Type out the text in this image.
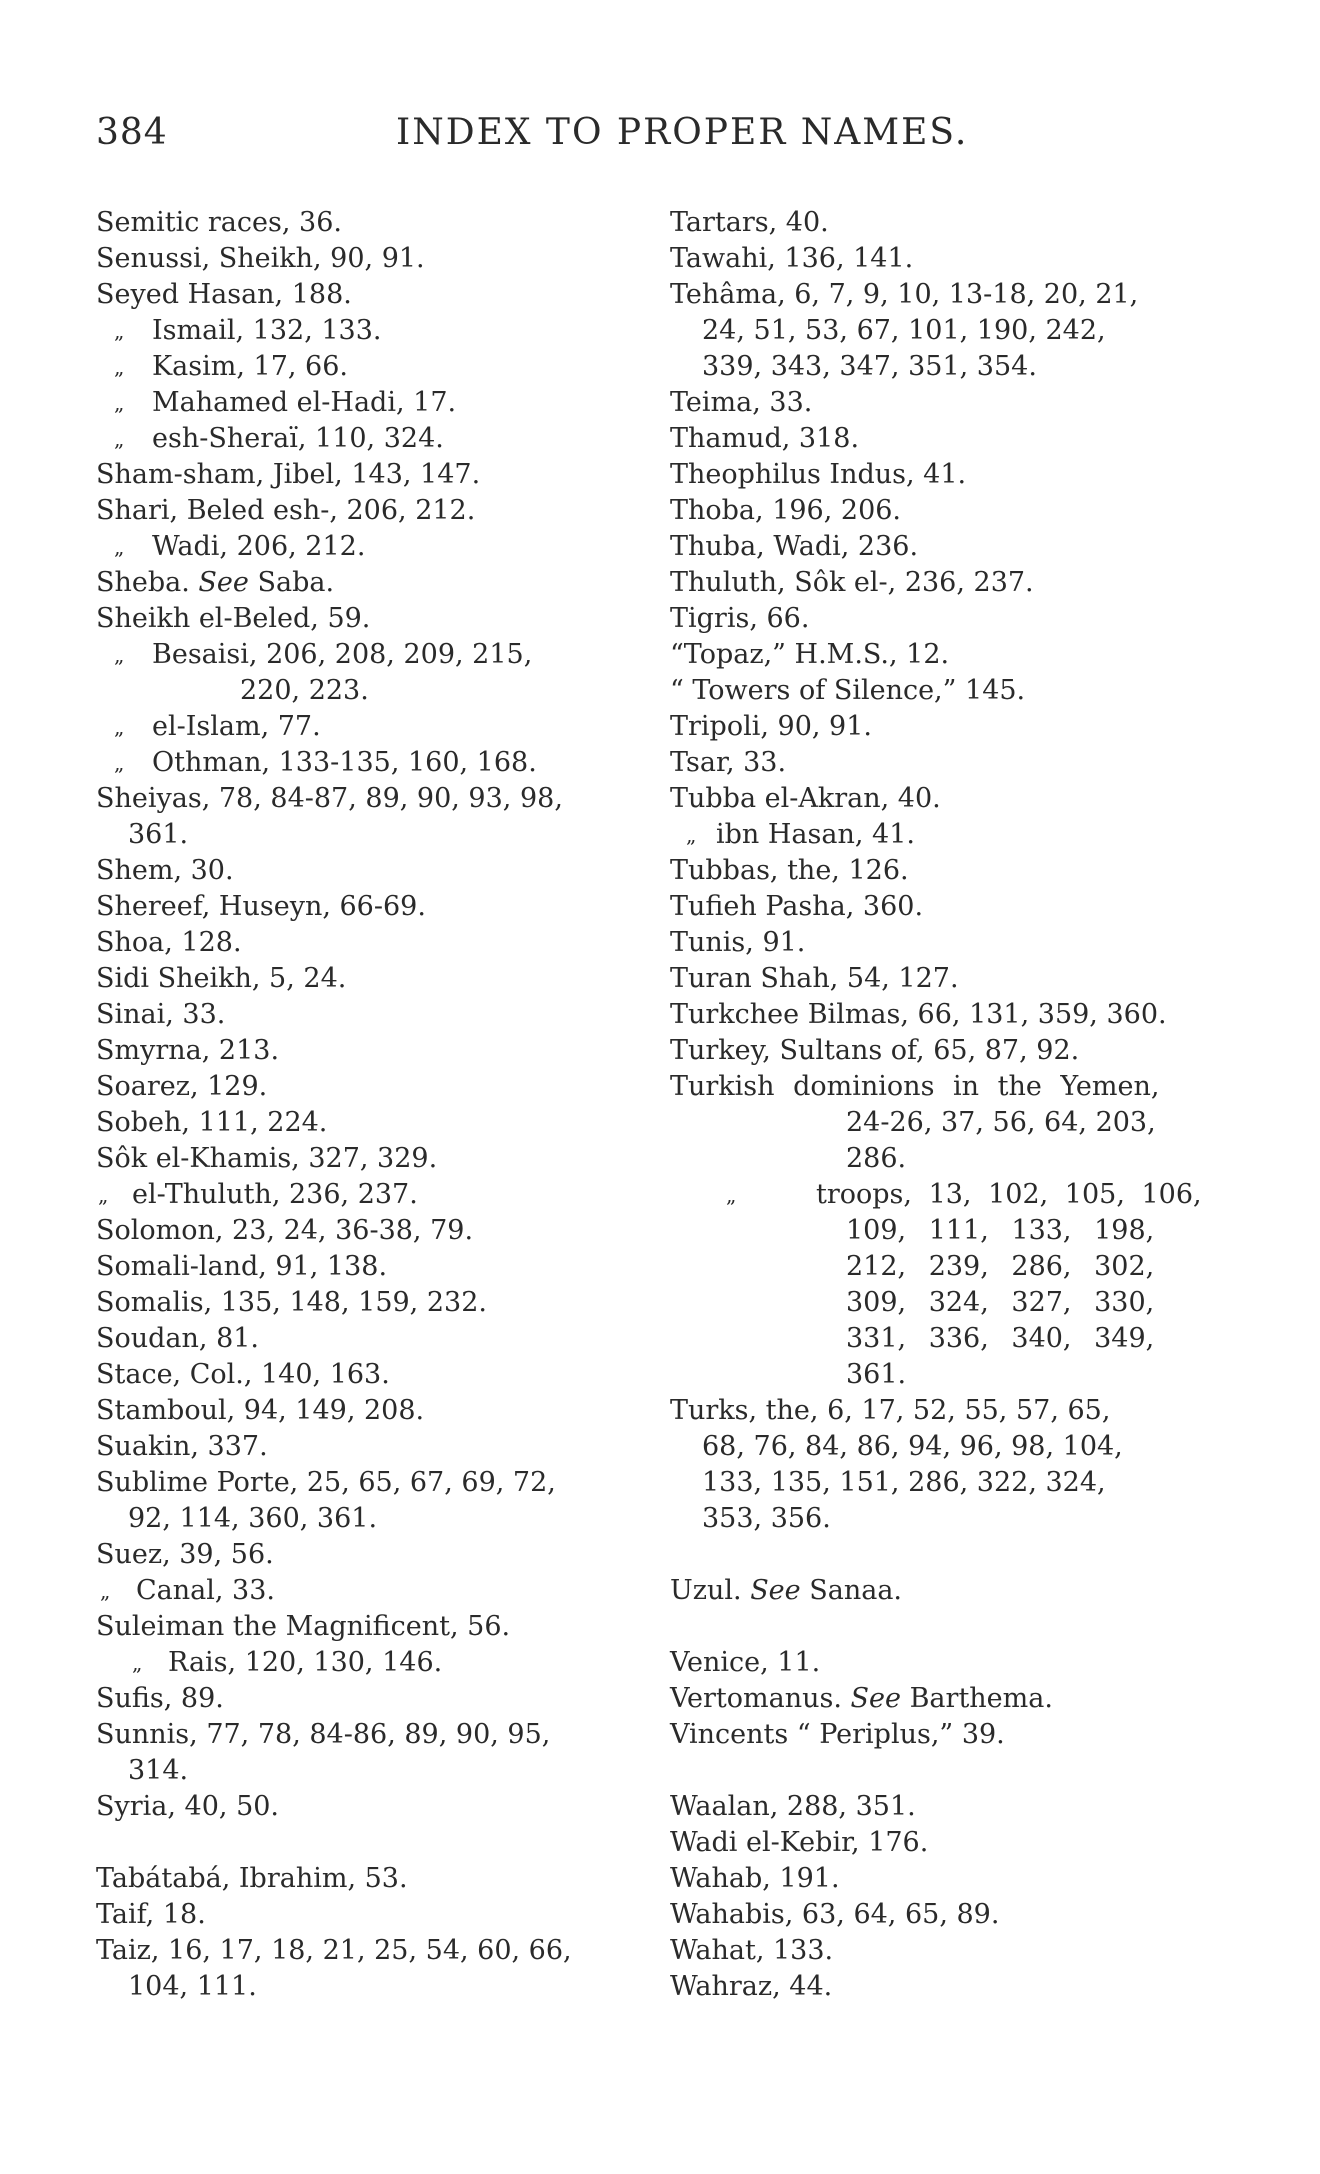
384	INDEX TO PROPER NAMES.
Semitic races, 36.
Senussi, Sheikh, 90, 91.
Seyed Hasan, 188.
„ Ismail, 132, 133.
„ Kasim, 17, 66.
„ Mahamed el-Hadi, 17.
„ esh-Sheraï, 110, 324.
Sham-sham, Jibel, 143, 147.
Shari, Beled esh-, 206, 212.
„ Wadi, 206, 212.
Sheba. See Saba.
Sheikh el-Beled, 59.
„ Besaisi, 206, 208, 209, 215,
220, 223.
„ el-Islam, 77.
„ Othman, 133-135, 160, 168.
Sheiyas, 78, 84-87, 89, 90, 93, 98,
361.
Shem, 30.
Shereef, Huseyn, 66-69.
Shoa, 128.
Sidi Sheikh, 5, 24.
Sinai, 33.
Smyrna, 213.
Soarez, 129.
Sobeh, 111, 224.
Sôk el-Khamis, 327, 329.
„ el-Thuluth, 236, 237.
Solomon, 23, 24, 36-38, 79.
Somali-land, 91, 138.
Somalis, 135, 148, 159, 232.
Soudan, 81.
Stace, Col., 140, 163.
Stamboul, 94, 149, 208.
Suakin, 337.
Sublime Porte, 25, 65, 67, 69, 72,
92, 114, 360, 361.
Suez, 39, 56.
„ Canal, 33.
Suleiman the Magnificent, 56.
„ Rais, 120, 130, 146.
Sufis, 89.
Sunnis, 77, 78, 84-86, 89, 90, 95,
314.
Syria, 40, 50.
Tabátabá, Ibrahim, 53.
Taif, 18.
Taiz, 16, 17, 18, 21, 25, 54, 60, 66,
104, 111.
Tartars, 40.
Tawahi, 136, 141.
Tehâma, 6, 7, 9, 10, 13-18, 20, 21,
24, 51, 53, 67, 101, 190, 242,
339, 343, 347, 351, 354.
Teima, 33.
Thamud, 318.
Theophilus Indus, 41.
Thoba, 196, 206.
Thuba, Wadi, 236.
Thuluth, Sôk el-, 236, 237.
Tigris, 66.
“Topaz,” H.M.S., 12.
“ Towers of Silence,” 145.
Tripoli, 90, 91.
Tsar, 33.
Tubba el-Akran, 40.
„ ibn Hasan, 41.
Tubbas, the, 126.
Tufieh Pasha, 360.
Tunis, 91.
Turan Shah, 54, 127.
Turkchee Bilmas, 66, 131, 359, 360.
Turkey, Sultans of, 65, 87, 92.
Turkish dominions in the Yemen,
24-26, 37, 56, 64, 203,
286.
„	troops, 13, 102, 105, 106,
109, 111, 133, 198,
212, 239, 286, 302,
309, 324, 327, 330,
331, 336, 340, 349,
361.
Turks, the, 6, 17, 52, 55, 57, 65,
68, 76, 84, 86, 94, 96, 98, 104,
133, 135, 151, 286, 322, 324,
353, 356.
Uzul. See Sanaa.
Venice, 11.
Vertomanus. See Barthema.
Vincents “ Periplus,” 39.
Waalan, 288, 351.
Wadi el-Kebir, 176.
Wahab, 191.
Wahabis, 63, 64, 65, 89.
Wahat, 133.
Wahraz, 44.
